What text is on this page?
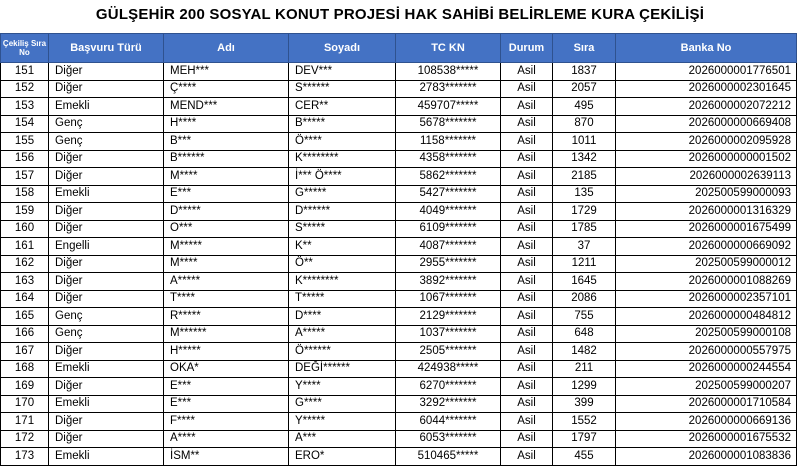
GÜLŞEHİR 200 SOSYAL KONUT PROJESİ HAK SAHİBİ BELİRLEME KURA ÇEKİLİŞİ
Çekiliş Sıra
No	Başvuru Türü	Adı	Soyadı	TC KN	Durum	Sıra	Banka No
151	Diğer	MEH***	DEV***	108538*****	Asil	1837	2026000001776501
152	Diğer	Ç****	S******	2783*******	Asil	2057	2026000002301645
153	Emekli	MEND***	CER**	459707*****	Asil	495	2026000002072212
154	Genç	H****	B*****	5678*******	Asil	870	2026000000669408
155	Genç	B***	Ö****	1158*******	Asil	1011	2026000002095928
156	Diğer	B******	K********	4358*******	Asil	1342	2026000000001502
157	Diğer	M****	İ*** Ö****	5862*******	Asil	2185	2026000002639113
158	Emekli	E***	G*****	5427*******	Asil	135	202500599000093
159	Diğer	D*****	D******	4049*******	Asil	1729	2026000001316329
160	Diğer	O***	S*****	6109*******	Asil	1785	2026000001675499
161	Engelli	M*****	K**	4087*******	Asil	37	2026000000669092
162	Diğer	M****	Ö**	2955*******	Asil	1211	202500599000012
163	Diğer	A*****	K********	3892*******	Asil	1645	2026000001088269
164	Diğer	T****	T*****	1067*******	Asil	2086	2026000002357101
165	Genç	R*****	D****	2129*******	Asil	755	2026000000484812
166	Genç	M******	A*****	1037*******	Asil	648	202500599000108
167	Diğer	H*****	Ö******	2505*******	Asil	1482	2026000000557975
168	Emekli	OKA*	DEĞİ******	424938*****	Asil	211	2026000000244554
169	Diğer	E***	Y****	6270*******	Asil	1299	202500599000207
170	Emekli	E***	G****	3292*******	Asil	399	2026000001710584
171	Diğer	F****	Y*****	6044*******	Asil	1552	2026000000669136
172	Diğer	A****	A***	6053*******	Asil	1797	2026000001675532
173	Emekli	İSM**	ERO*	510465*****	Asil	455	2026000001083836
